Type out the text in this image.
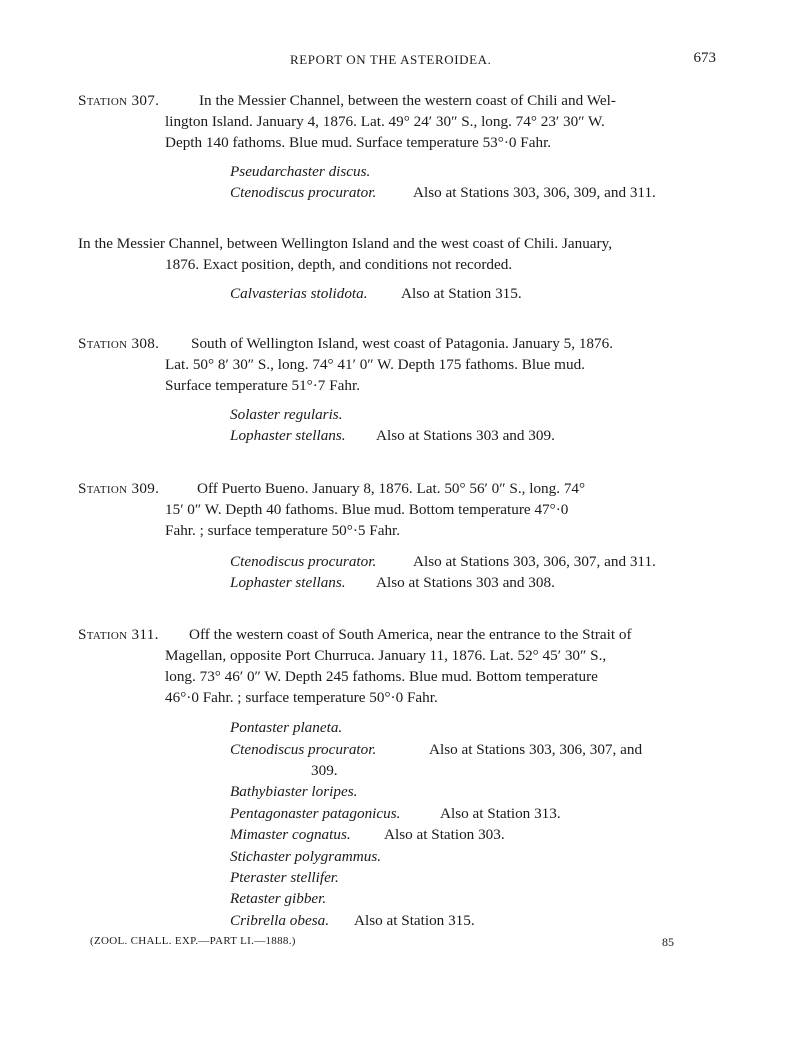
REPORT ON THE ASTEROIDEA.	673
Station 307.	In the Messier Channel, between the western coast of Chili and Wel-
lington Island. January 4, 1876. Lat. 49° 24′ 30″ S., long. 74° 23′ 30″ W.
Depth 140 fathoms. Blue mud. Surface temperature 53°·0 Fahr.
Pseudarchaster discus.
Ctenodiscus procurator. Also at Stations 303, 306, 309, and 311.
In the Messier Channel, between Wellington Island and the west coast of Chili. January,
1876. Exact position, depth, and conditions not recorded.
Calvasterias stolidota. Also at Station 315.
Station 308. South of Wellington Island, west coast of Patagonia. January 5, 1876.
Lat. 50° 8′ 30″ S., long. 74° 41′ 0″ W. Depth 175 fathoms. Blue mud.
Surface temperature 51°·7 Fahr.
Solaster regularis.
Lophaster stellans. Also at Stations 303 and 309.
Station 309. Off Puerto Bueno. January 8, 1876. Lat. 50° 56′ 0″ S., long. 74°
15′ 0″ W. Depth 40 fathoms. Blue mud. Bottom temperature 47°·0
Fahr. ; surface temperature 50°·5 Fahr.
Ctenodiscus procurator. Also at Stations 303, 306, 307, and 311.
Lophaster stellans. Also at Stations 303 and 308.
Station 311. Off the western coast of South America, near the entrance to the Strait of
Magellan, opposite Port Churruca. January 11, 1876. Lat. 52° 45′ 30″ S.,
long. 73° 46′ 0″ W. Depth 245 fathoms. Blue mud. Bottom temperature
46°·0 Fahr. ; surface temperature 50°·0 Fahr.
Pontaster planeta.
Ctenodiscus procurator.	Also at Stations 303, 306, 307, and
309.
Bathybiaster loripes.
Pentagonaster patagonicus.	Also at Station 313.
Mimaster cognatus. Also at Station 303.
Stichaster polygrammus.
Pteraster stellifer.
Retaster gibber.
Cribrella obesa. Also at Station 315.
(ZOOL. CHALL. EXP.—PART LI.—1888.)	85
